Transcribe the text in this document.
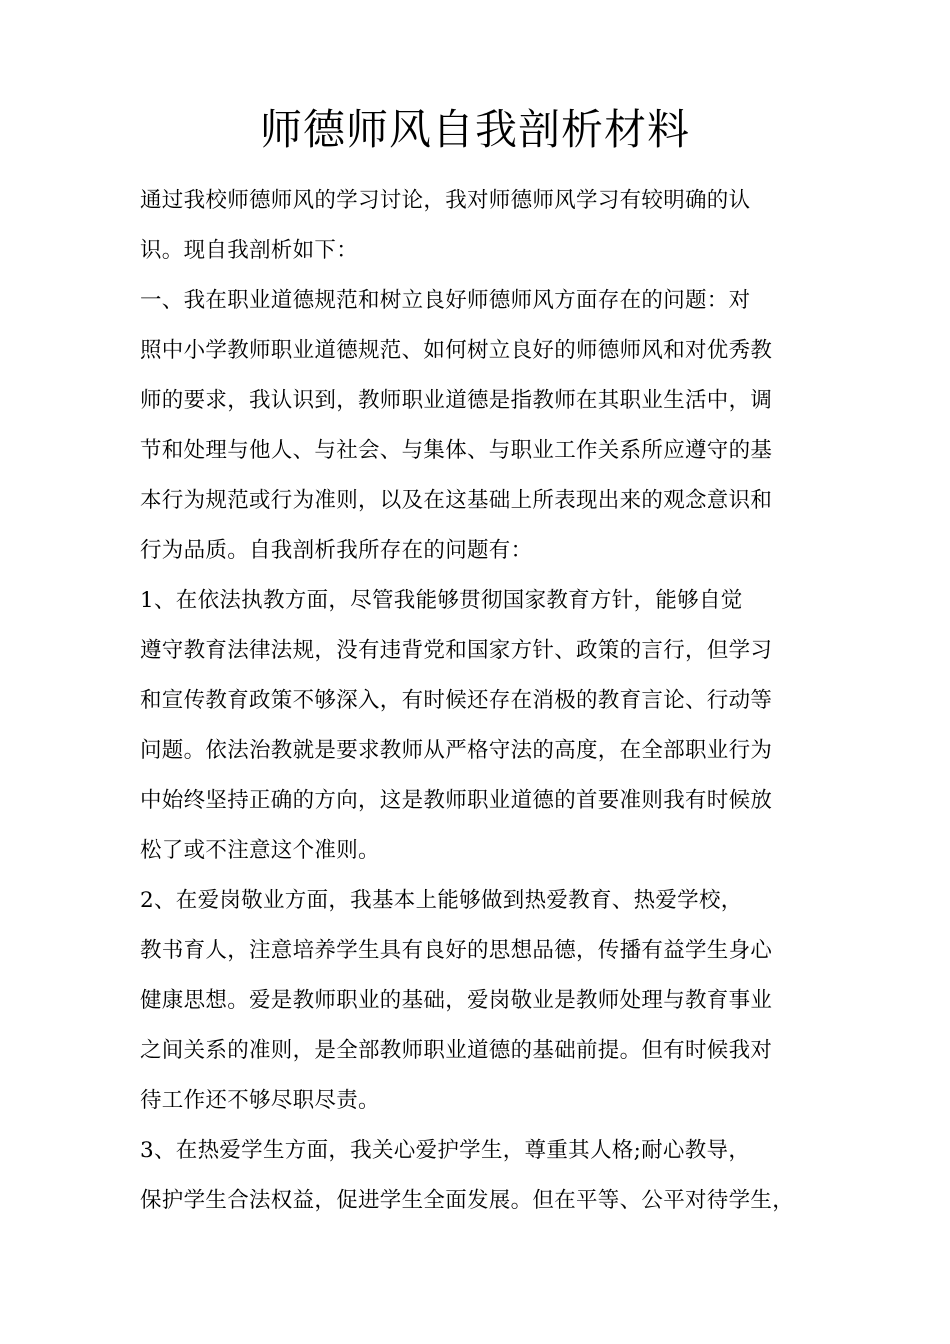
师德师风自我剖析材料
通过我校师德师风的学习讨论，我对师德师风学习有较明确的认
识。现自我剖析如下：
一、我在职业道德规范和树立良好师德师风方面存在的问题：对
照中小学教师职业道德规范、如何树立良好的师德师风和对优秀教
师的要求，我认识到，教师职业道德是指教师在其职业生活中，调
节和处理与他人、与社会、与集体、与职业工作关系所应遵守的基
本行为规范或行为准则，以及在这基础上所表现出来的观念意识和
行为品质。自我剖析我所存在的问题有：
1、在依法执教方面，尽管我能够贯彻国家教育方针，能够自觉
遵守教育法律法规，没有违背党和国家方针、政策的言行，但学习
和宣传教育政策不够深入，有时候还存在消极的教育言论、行动等
问题。依法治教就是要求教师从严格守法的高度，在全部职业行为
中始终坚持正确的方向，这是教师职业道德的首要准则我有时候放
松了或不注意这个准则。
2、在爱岗敬业方面，我基本上能够做到热爱教育、热爱学校，
教书育人，注意培养学生具有良好的思想品德，传播有益学生身心
健康思想。爱是教师职业的基础，爱岗敬业是教师处理与教育事业
之间关系的准则，是全部教师职业道德的基础前提。但有时候我对
待工作还不够尽职尽责。
3、在热爱学生方面，我关心爱护学生，尊重其人格;耐心教导，
保护学生合法权益，促进学生全面发展。但在平等、公平对待学生，
